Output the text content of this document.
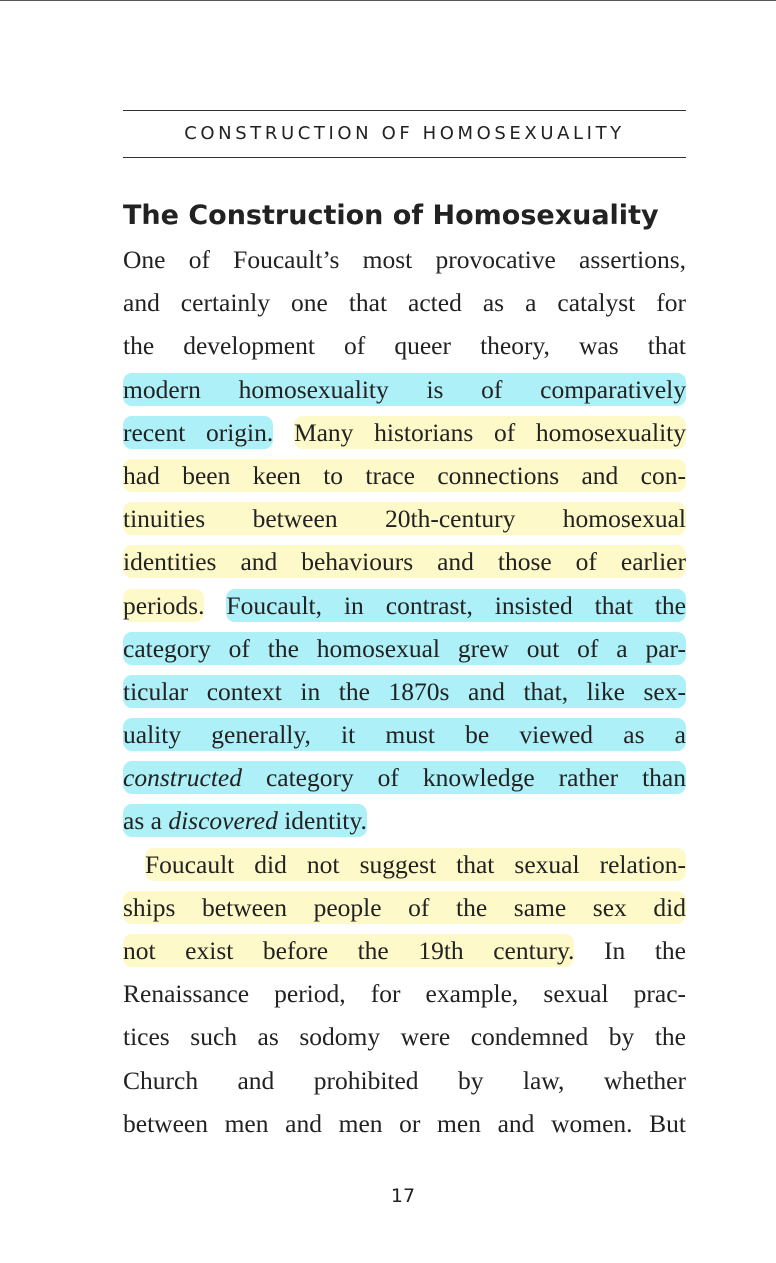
CONSTRUCTION OF HOMOSEXUALITY
The Construction of Homosexuality
One of Foucault’s most provocative assertions,
and certainly one that acted as a catalyst for
the development of queer theory, was that
modern homosexuality is of comparatively
recent origin. Many historians of homosexuality
had been keen to trace connections and con-
tinuities between 20th-century homosexual
identities and behaviours and those of earlier
periods. Foucault, in contrast, insisted that the
category of the homosexual grew out of a par-
ticular context in the 1870s and that, like sex-
uality generally, it must be viewed as a
constructed category of knowledge rather than
as a discovered identity.
Foucault did not suggest that sexual relation-
ships between people of the same sex did
not exist before the 19th century. In the
Renaissance period, for example, sexual prac-
tices such as sodomy were condemned by the
Church and prohibited by law, whether
between men and men or men and women. But
17
